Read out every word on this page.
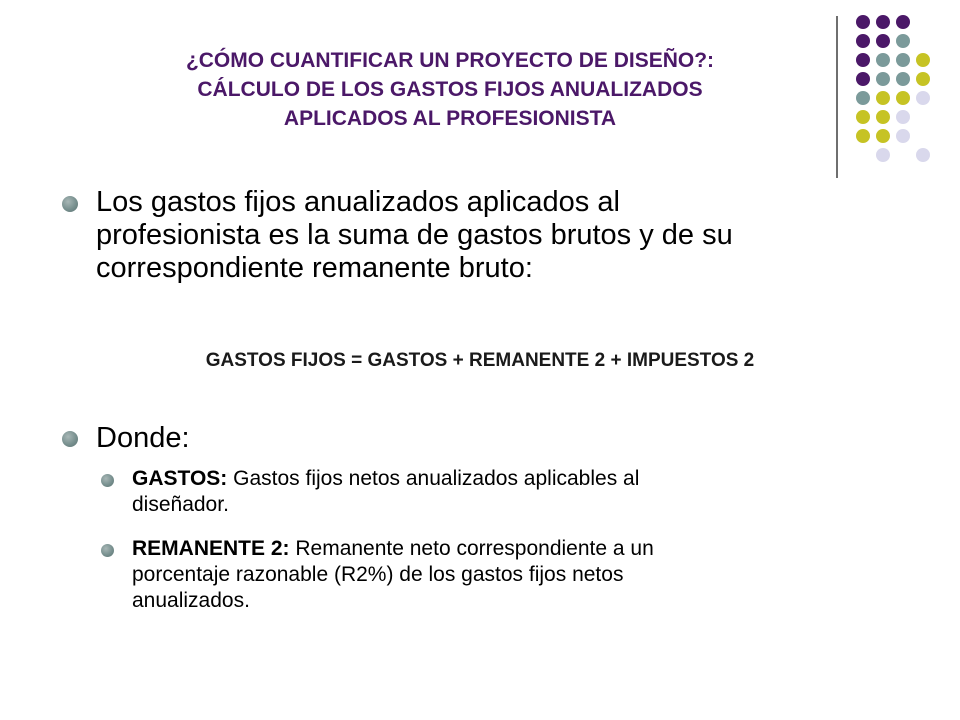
¿CÓMO CUANTIFICAR UN PROYECTO DE DISEÑO?:
CÁLCULO DE LOS GASTOS FIJOS ANUALIZADOS
APLICADOS AL PROFESIONISTA
Los gastos fijos anualizados aplicados al
profesionista es la suma de gastos brutos y de su
correspondiente remanente bruto:
GASTOS FIJOS = GASTOS + REMANENTE 2 + IMPUESTOS 2
Donde:
GASTOS: Gastos fijos netos anualizados aplicables al
diseñador.
REMANENTE 2: Remanente neto correspondiente a un
porcentaje razonable (R2%) de los gastos fijos netos
anualizados.
